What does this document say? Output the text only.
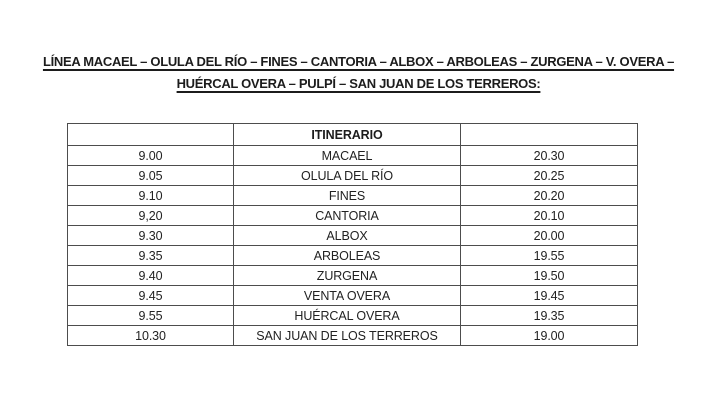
LÍNEA MACAEL – OLULA DEL RÍO – FINES – CANTORIA – ALBOX – ARBOLEAS – ZURGENA – V. OVERA –
HUÉRCAL OVERA – PULPÍ – SAN JUAN DE LOS TERREROS:
	ITINERARIO	
9.00	MACAEL	20.30
9.05	OLULA DEL RÍO	20.25
9.10	FINES	20.20
9,20	CANTORIA	20.10
9.30	ALBOX	20.00
9.35	ARBOLEAS	19.55
9.40	ZURGENA	19.50
9.45	VENTA OVERA	19.45
9.55	HUÉRCAL OVERA	19.35
10.30	SAN JUAN DE LOS TERREROS	19.00
